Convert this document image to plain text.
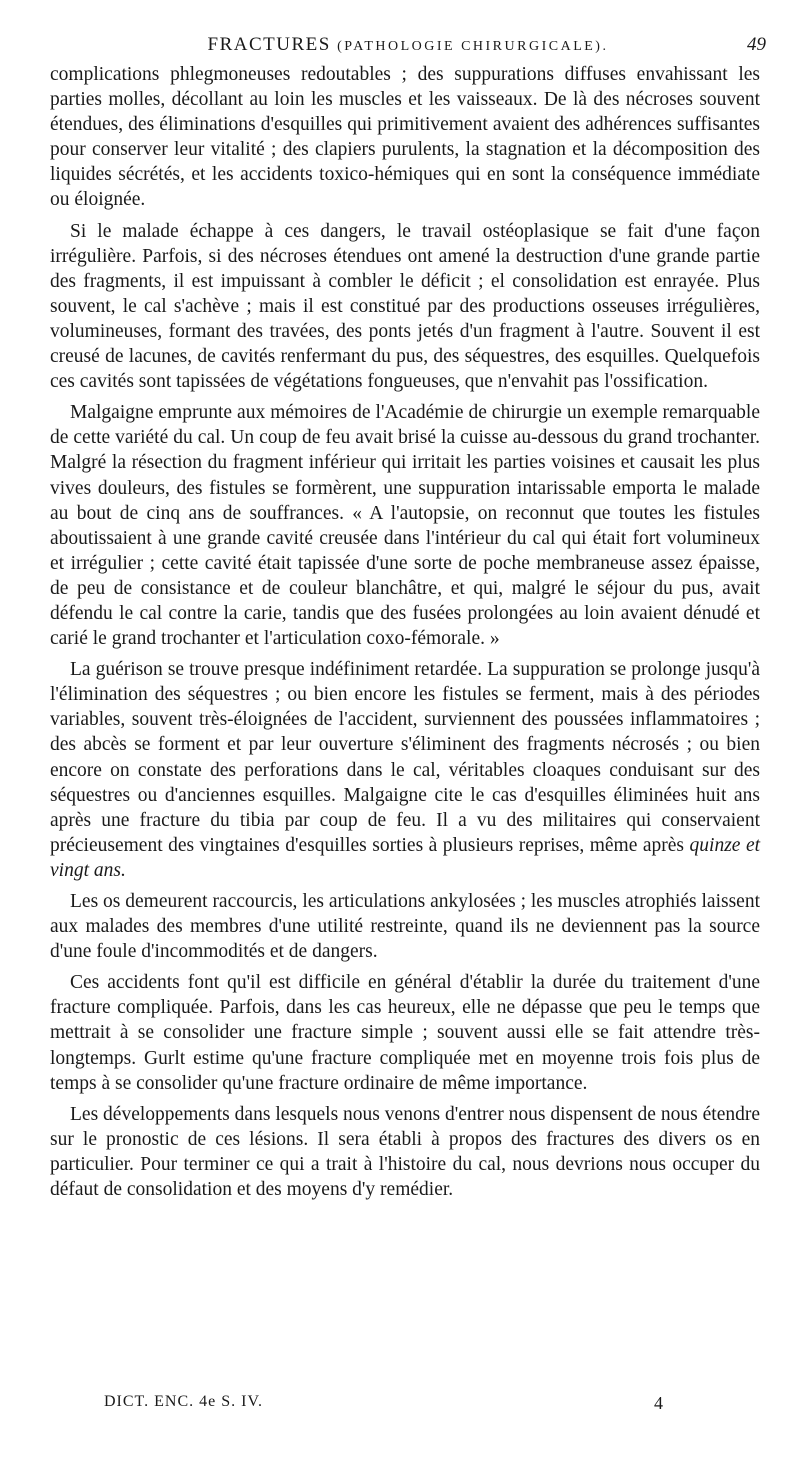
FRACTURES (PATHOLOGIE CHIRURGICALE).	49

complications phlegmoneuses redoutables ; des suppurations diffuses envahissant les parties molles, décollant au loin les muscles et les vaisseaux. De là des nécroses souvent étendues, des éliminations d'esquilles qui primitivement avaient des adhérences suffisantes pour conserver leur vitalité ; des clapiers purulents, la stagnation et la décomposition des liquides sécrétés, et les accidents toxico-hémiques qui en sont la conséquence immédiate ou éloignée.

Si le malade échappe à ces dangers, le travail ostéoplasique se fait d'une façon irrégulière. Parfois, si des nécroses étendues ont amené la destruction d'une grande partie des fragments, il est impuissant à combler le déficit ; el consolidation est enrayée. Plus souvent, le cal s'achève ; mais il est constitué par des productions osseuses irrégulières, volumineuses, formant des travées, des ponts jetés d'un fragment à l'autre. Souvent il est creusé de lacunes, de cavités renfermant du pus, des séquestres, des esquilles. Quelquefois ces cavités sont tapissées de végétations fongueuses, que n'envahit pas l'ossification.

Malgaigne emprunte aux mémoires de l'Académie de chirurgie un exemple remarquable de cette variété du cal. Un coup de feu avait brisé la cuisse au-dessous du grand trochanter. Malgré la résection du fragment inférieur qui irritait les parties voisines et causait les plus vives douleurs, des fistules se formèrent, une suppuration intarissable emporta le malade au bout de cinq ans de souffrances. « A l'autopsie, on reconnut que toutes les fistules aboutissaient à une grande cavité creusée dans l'intérieur du cal qui était fort volumineux et irrégulier ; cette cavité était tapissée d'une sorte de poche membraneuse assez épaisse, de peu de consistance et de couleur blanchâtre, et qui, malgré le séjour du pus, avait défendu le cal contre la carie, tandis que des fusées prolongées au loin avaient dénudé et carié le grand trochanter et l'articulation coxo-fémorale. »

La guérison se trouve presque indéfiniment retardée. La suppuration se prolonge jusqu'à l'élimination des séquestres ; ou bien encore les fistules se ferment, mais à des périodes variables, souvent très-éloignées de l'accident, surviennent des poussées inflammatoires ; des abcès se forment et par leur ouverture s'éliminent des fragments nécrosés ; ou bien encore on constate des perforations dans le cal, véritables cloaques conduisant sur des séquestres ou d'anciennes esquilles. Malgaigne cite le cas d'esquilles éliminées huit ans après une fracture du tibia par coup de feu. Il a vu des militaires qui conservaient précieusement des vingtaines d'esquilles sorties à plusieurs reprises, même après quinze et vingt ans.

Les os demeurent raccourcis, les articulations ankylosées ; les muscles atrophiés laissent aux malades des membres d'une utilité restreinte, quand ils ne deviennent pas la source d'une foule d'incommodités et de dangers.

Ces accidents font qu'il est difficile en général d'établir la durée du traitement d'une fracture compliquée. Parfois, dans les cas heureux, elle ne dépasse que peu le temps que mettrait à se consolider une fracture simple ; souvent aussi elle se fait attendre très-longtemps. Gurlt estime qu'une fracture compliquée met en moyenne trois fois plus de temps à se consolider qu'une fracture ordinaire de même importance.

Les développements dans lesquels nous venons d'entrer nous dispensent de nous étendre sur le pronostic de ces lésions. Il sera établi à propos des fractures des divers os en particulier. Pour terminer ce qui a trait à l'histoire du cal, nous devrions nous occuper du défaut de consolidation et des moyens d'y remédier.

DICT. ENC. 4e S. IV.	4
